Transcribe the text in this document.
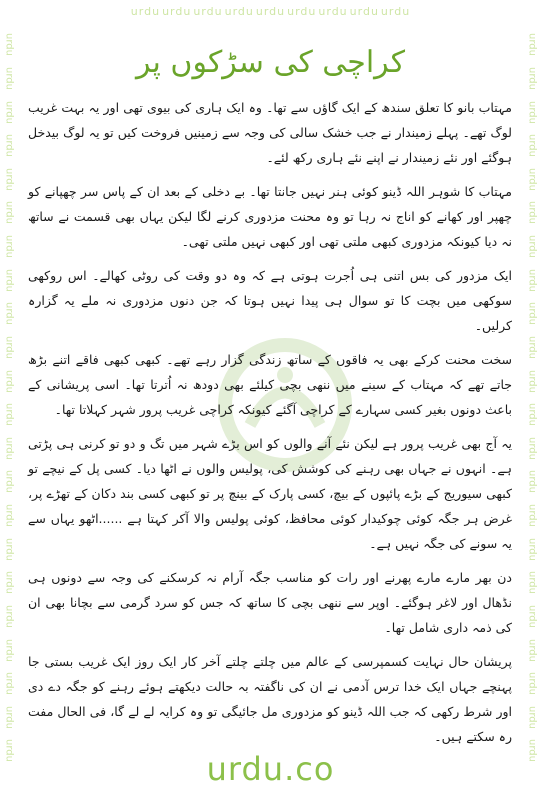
urdu urdu urdu urdu urdu urdu urdu urdu urdu
urdu
urdu
urdu
urdu
urdu
urdu
urdu
urdu
urdu
urdu
urdu
urdu
urdu
urdu
urdu
urdu
urdu
urdu
urdu
urdu
urdu
urdu
urdu
urdu
urdu
urdu
urdu
urdu
urdu
urdu
urdu
urdu
urdu
urdu
urdu
urdu
urdu
urdu
urdu
urdu
urdu
urdu
urdu
urdu
کراچی کی سڑکوں پر

مہتاب بانو کا تعلق سندھ کے ایک گاؤں سے تھا۔ وہ ایک ہاری کی بیوی تھی اور یہ بہت غریب لوگ تھے۔ پہلے زمیندار نے جب خشک سالی کی وجہ سے زمینیں فروخت کیں تو یہ لوگ بیدخل ہوگئے اور نئے زمیندار نے اپنے نئے ہاری رکھ لئے۔

مہتاب کا شوہر اللہ ڈینو کوئی ہنر نہیں جانتا تھا۔ بے دخلی کے بعد ان کے پاس سر چھپانے کو چھپر اور کھانے کو اناج نہ رہا تو وہ محنت مزدوری کرنے لگا لیکن یہاں بھی قسمت نے ساتھ نہ دیا کیونکہ مزدوری کبھی ملتی تھی اور کبھی نہیں ملتی تھی۔

ایک مزدور کی بس اتنی ہی اُجرت ہوتی ہے کہ وہ دو وقت کی روٹی کھالے۔ اس روکھی سوکھی میں بچت کا تو سوال ہی پیدا نہیں ہوتا کہ جن دنوں مزدوری نہ ملے یہ گزارہ کرلیں۔

سخت محنت کرکے بھی یہ فاقوں کے ساتھ زندگی گزار رہے تھے۔ کبھی کبھی فاقے اتنے بڑھ جاتے تھے کہ مہتاب کے سینے میں ننھی بچی کیلئے بھی دودھ نہ اُترتا تھا۔ اسی پریشانی کے باعث دونوں بغیر کسی سہارے کے کراچی آگئے کیونکہ کراچی غریب پرور شہر کہلاتا تھا۔

یہ آج بھی غریب پرور ہے لیکن نئے آنے والوں کو اس بڑے شہر میں تگ و دو تو کرنی ہی پڑتی ہے۔ انہوں نے جہاں بھی رہنے کی کوشش کی، پولیس والوں نے اٹھا دیا۔ کسی پل کے نیچے تو کبھی سیوریج کے بڑے پائپوں کے بیچ، کسی پارک کے بینچ پر تو کبھی کسی بند دکان کے تھڑے پر، غرض ہر جگہ کوئی چوکیدار کوئی محافظ، کوئی پولیس والا آکر کہتا ہے ......اٹھو یہاں سے یہ سونے کی جگہ نہیں ہے۔

دن بھر مارے مارے پھرنے اور رات کو مناسب جگہ آرام نہ کرسکنے کی وجہ سے دونوں ہی نڈھال اور لاغر ہوگئے۔ اوپر سے ننھی بچی کا ساتھ کہ جس کو سرد گرمی سے بچانا بھی ان کی ذمہ داری شامل تھا۔

پریشان حال نہایت کسمپرسی کے عالم میں چلتے چلتے آخر کار ایک روز ایک غریب بستی جا پہنچے جہاں ایک خدا ترس آدمی نے ان کی ناگفتہ بہ حالت دیکھتے ہوئے رہنے کو جگہ دے دی اور شرط رکھی کہ جب اللہ ڈینو کو مزدوری مل جائیگی تو وہ کرایہ لے لے گا، فی الحال مفت رہ سکتے ہیں۔

urdu.co
